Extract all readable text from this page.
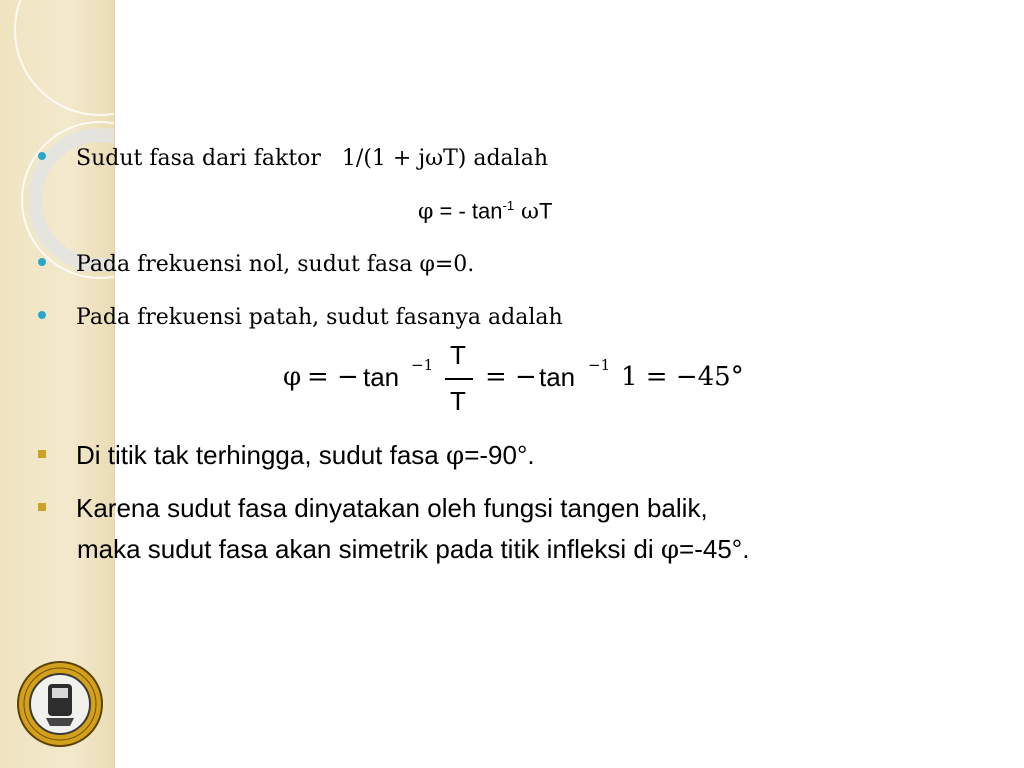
Sudut fasa dari faktor 1/(1 + jωT) adalah
φ = - $\tan^{-1} \omega T$
Pada frekuensi nol, sudut fasa φ=0.
Pada frekuensi patah, sudut fasanya adalah
φ = − tan −1 T
T
= − tan −1 1 = −45°
Di titik tak terhingga, sudut fasa φ=-90°.
Karena sudut fasa dinyatakan oleh fungsi tangen balik,
maka sudut fasa akan simetrik pada titik infleksi di φ=-45°.
